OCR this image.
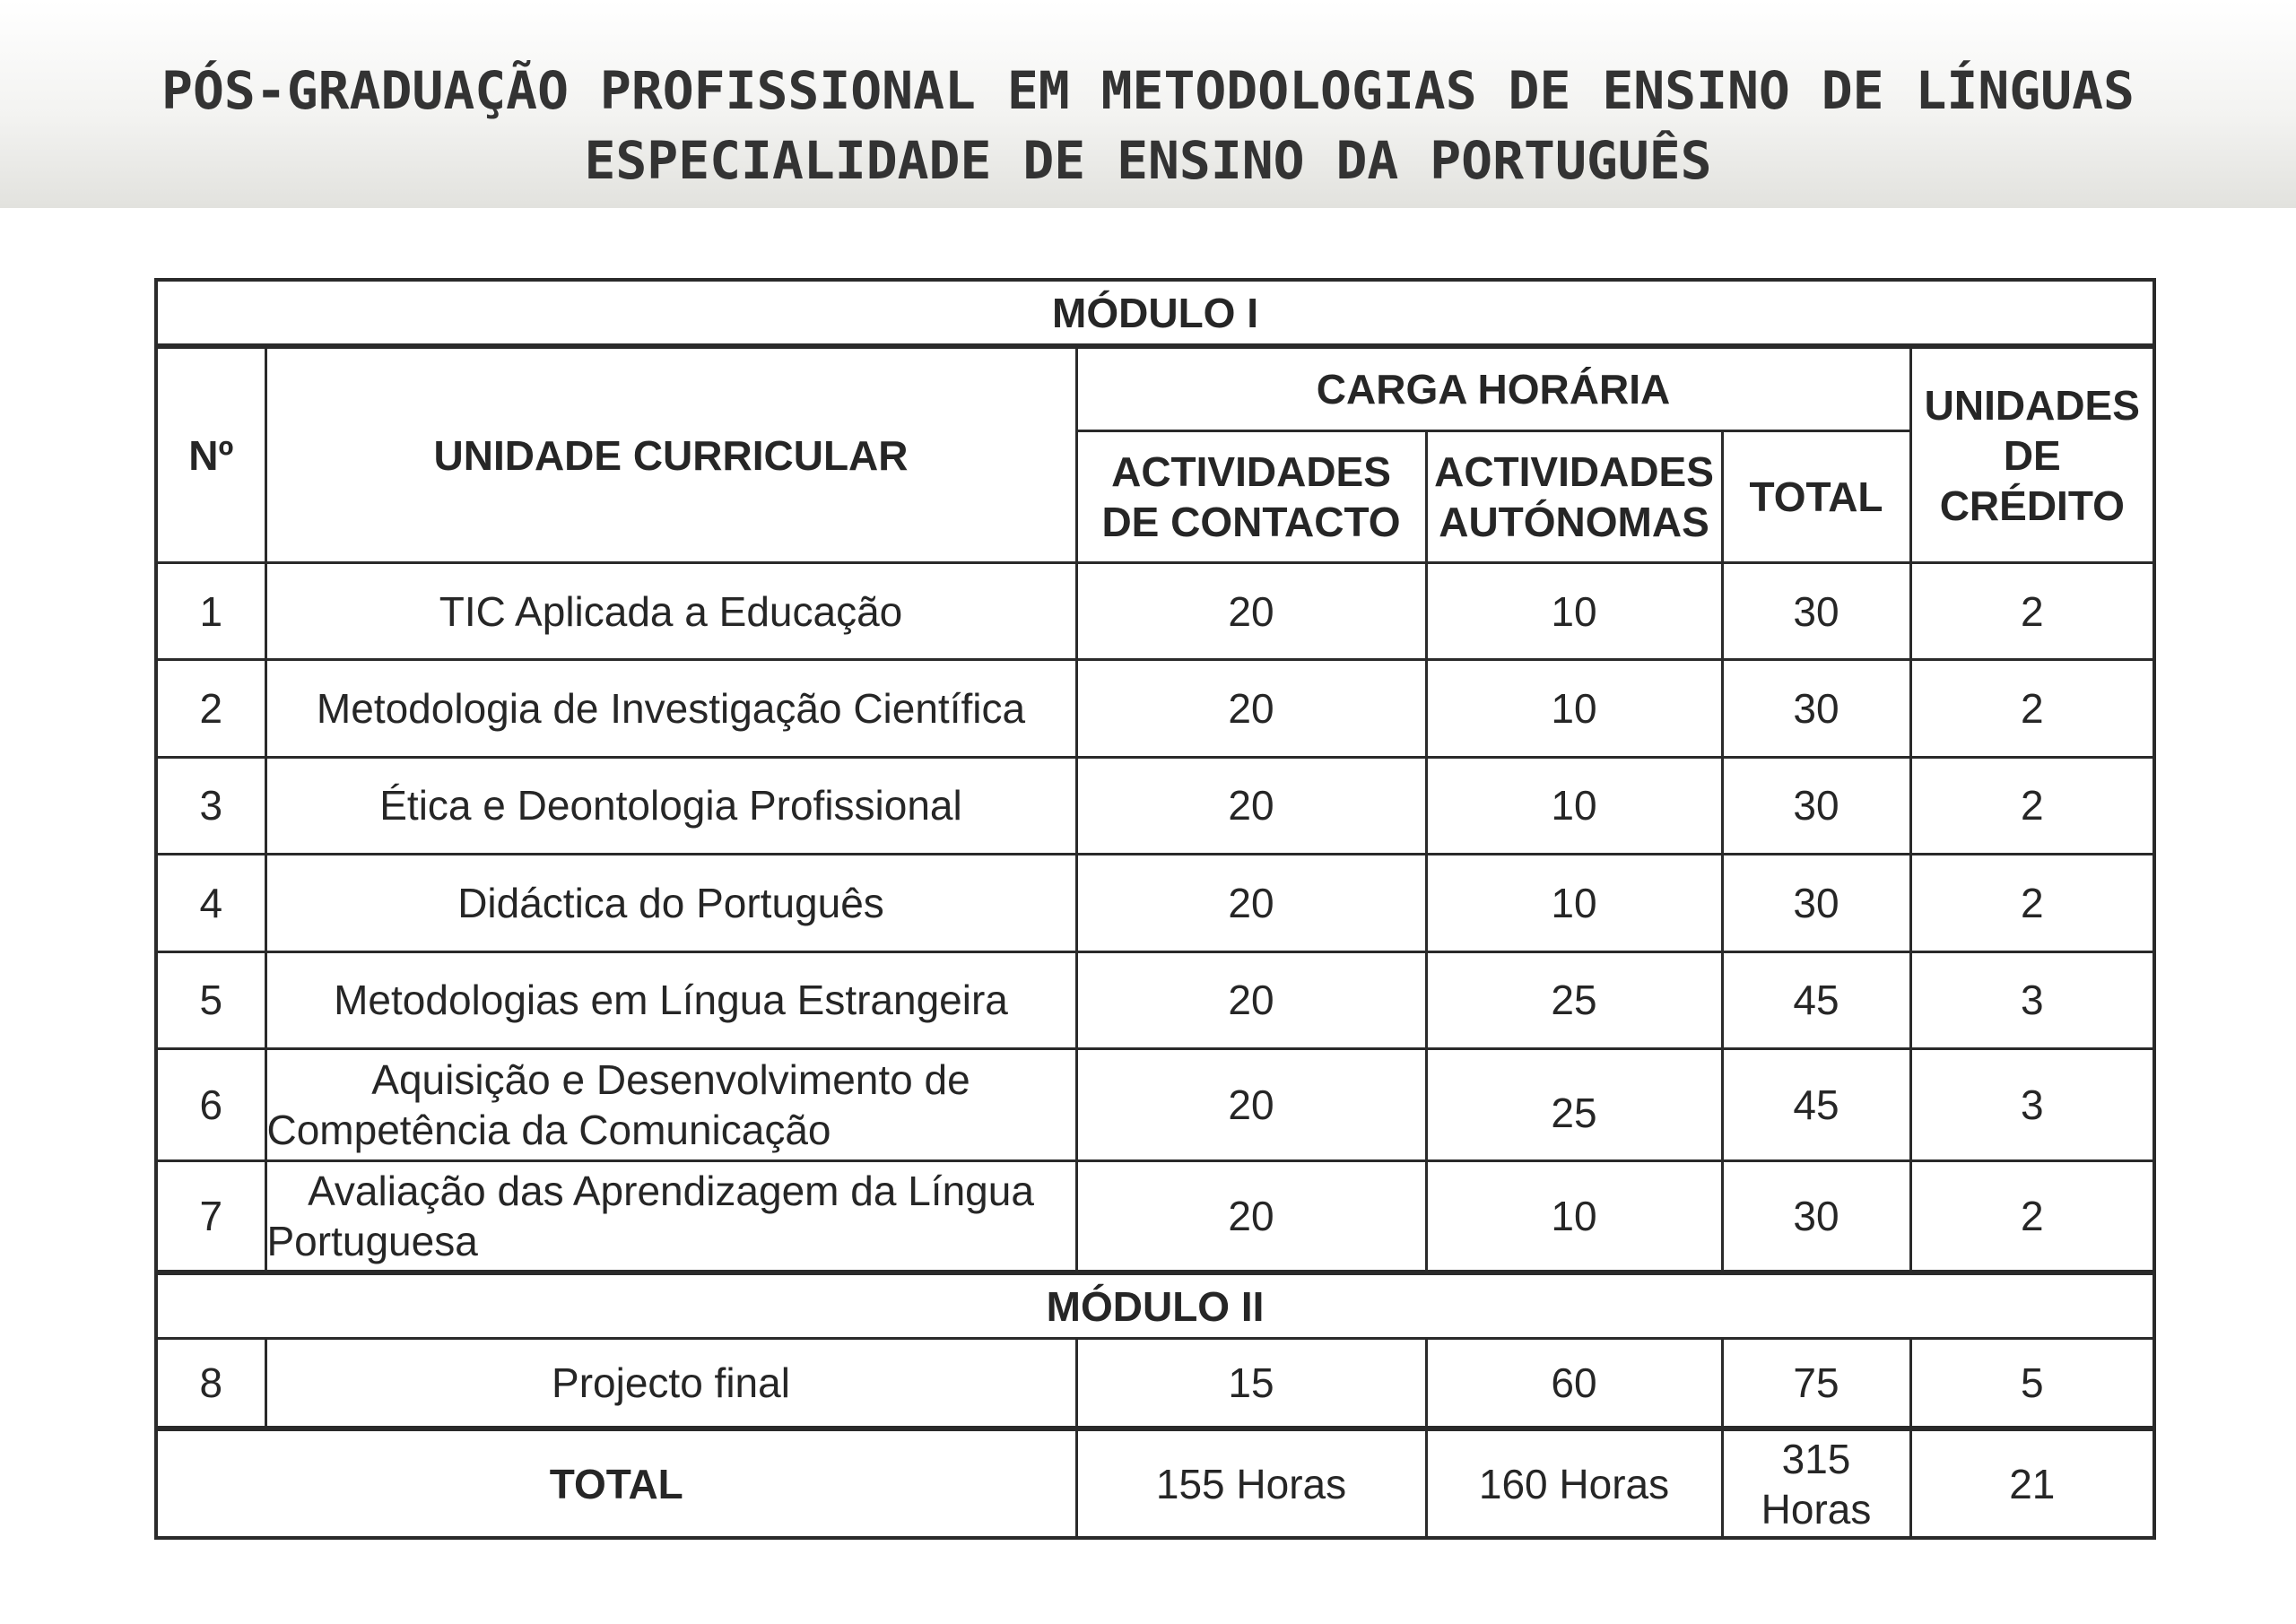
PÓS-GRADUAÇÃO PROFISSIONAL EM METODOLOGIAS DE ENSINO DE LÍNGUAS
ESPECIALIDADE DE ENSINO DA PORTUGUÊS
MÓDULO I					
Nº	UNIDADE CURRICULAR	CARGA HORÁRIA			UNIDADES DE CRÉDITO
		ACTIVIDADES DE CONTACTO	ACTIVIDADES AUTÓNOMAS	TOTAL	
1	TIC Aplicada a Educação	20	10	30	2
2	Metodologia de Investigação Científica	20	10	30	2
3	Ética e Deontologia Profissional	20	10	30	2
4	Didáctica do Português	20	10	30	2
5	Metodologias em Língua Estrangeira	20	25	45	3
6	Aquisição e Desenvolvimento de Competência da Comunicação	20	25	45	3
7	Avaliação das Aprendizagem da Língua Portuguesa	20	10	30	2
MÓDULO II					
8	Projecto final	15	60	75	5
TOTAL		155 Horas	160 Horas	315 Horas	21
